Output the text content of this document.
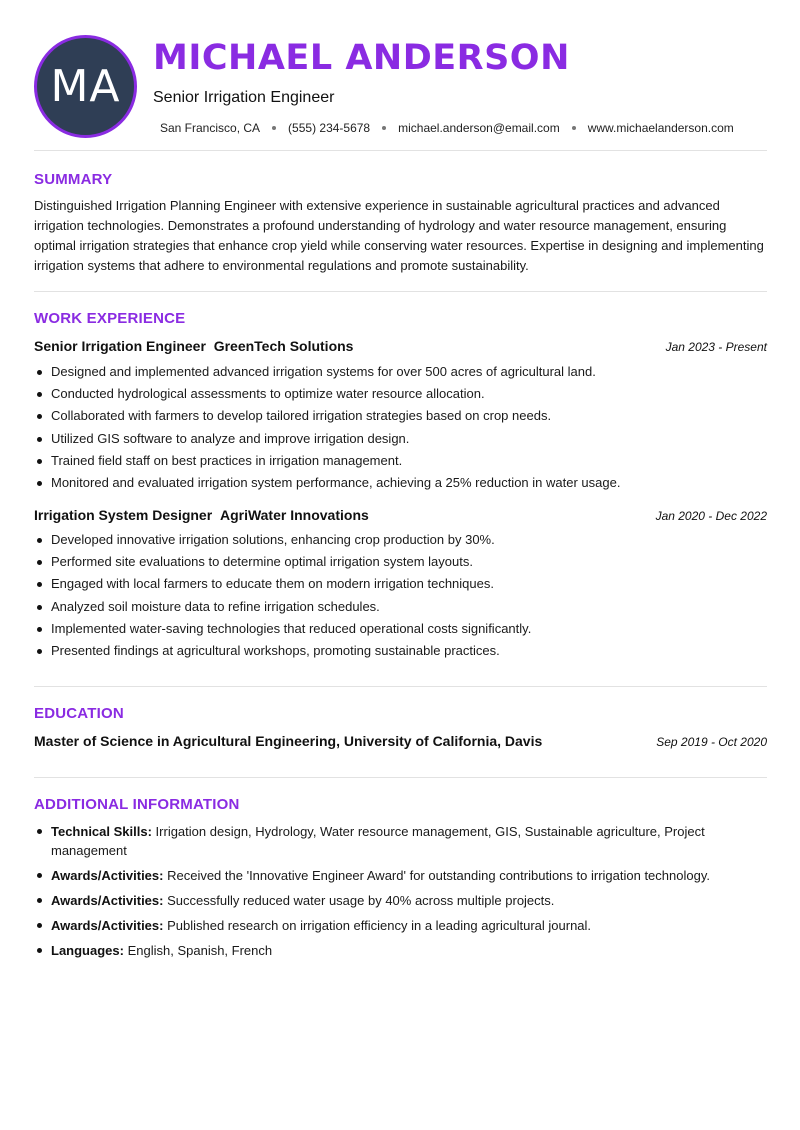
MA
MICHAEL ANDERSON
Senior Irrigation Engineer
San Francisco, CA (555) 234-5678 michael.anderson@email.com www.michaelanderson.com
SUMMARY

Distinguished Irrigation Planning Engineer with extensive experience in sustainable agricultural practices and advanced irrigation technologies. Demonstrates a profound understanding of hydrology and water resource management, ensuring optimal irrigation strategies that enhance crop yield while conserving water resources. Expertise in designing and implementing irrigation systems that adhere to environmental regulations and promote sustainability.

WORK EXPERIENCE
Senior Irrigation Engineer GreenTech Solutions	Jan 2023 - Present
Designed and implemented advanced irrigation systems for over 500 acres of agricultural land.
Conducted hydrological assessments to optimize water resource allocation.
Collaborated with farmers to develop tailored irrigation strategies based on crop needs.
Utilized GIS software to analyze and improve irrigation design.
Trained field staff on best practices in irrigation management.
Monitored and evaluated irrigation system performance, achieving a 25% reduction in water usage.
Irrigation System Designer AgriWater Innovations	Jan 2020 - Dec 2022
Developed innovative irrigation solutions, enhancing crop production by 30%.
Performed site evaluations to determine optimal irrigation system layouts.
Engaged with local farmers to educate them on modern irrigation techniques.
Analyzed soil moisture data to refine irrigation schedules.
Implemented water-saving technologies that reduced operational costs significantly.
Presented findings at agricultural workshops, promoting sustainable practices.
EDUCATION
Master of Science in Agricultural Engineering, University of California, Davis	Sep 2019 - Oct 2020
ADDITIONAL INFORMATION
Technical Skills: Irrigation design, Hydrology, Water resource management, GIS, Sustainable agriculture, Project management
Awards/Activities: Received the 'Innovative Engineer Award' for outstanding contributions to irrigation technology.
Awards/Activities: Successfully reduced water usage by 40% across multiple projects.
Awards/Activities: Published research on irrigation efficiency in a leading agricultural journal.
Languages: English, Spanish, French
